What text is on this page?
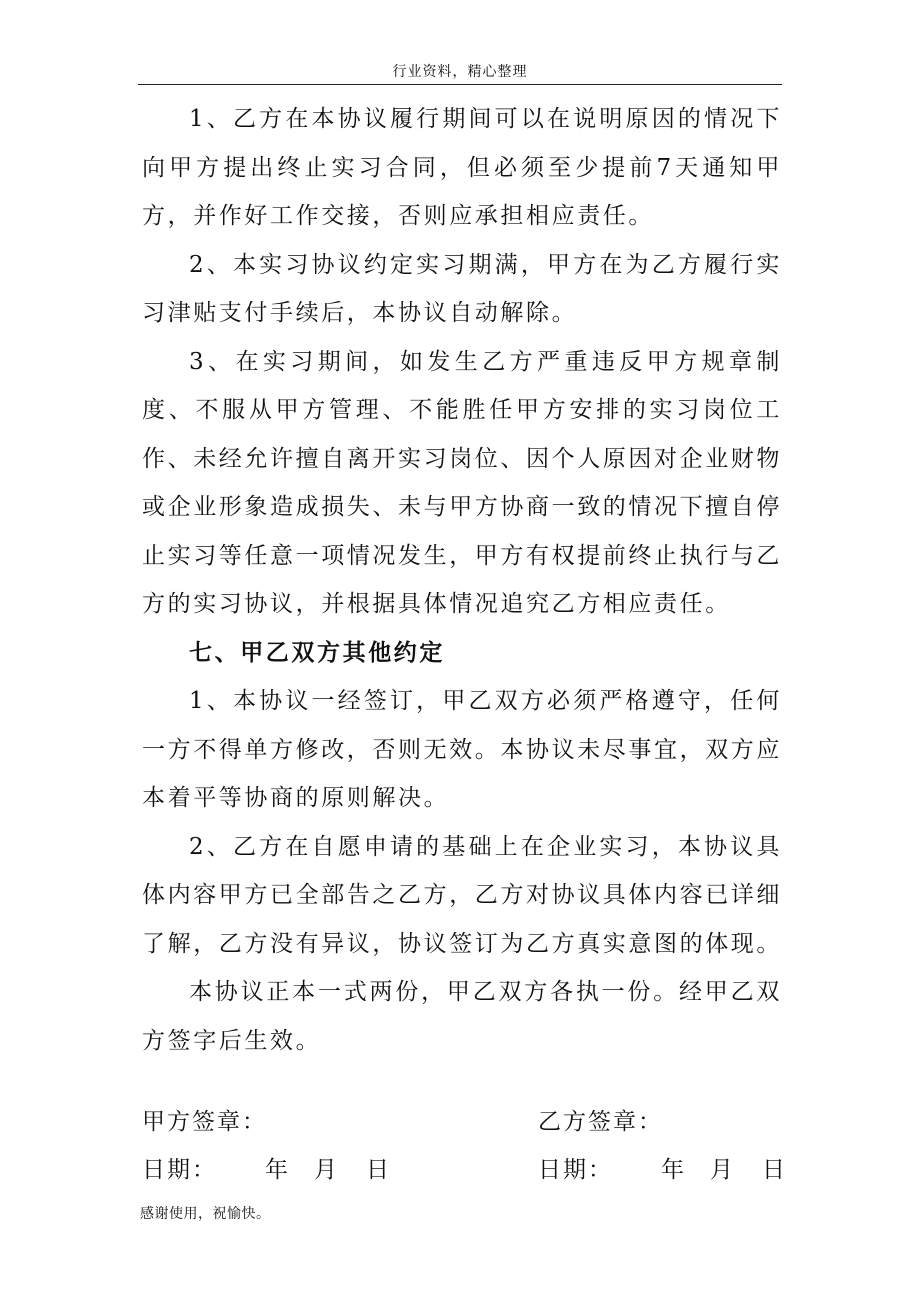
行业资料，精心整理

1、乙方在本协议履行期间可以在说明原因的情况下向甲方提出终止实习合同，但必须至少提前7天通知甲方，并作好工作交接，否则应承担相应责任。

2、本实习协议约定实习期满，甲方在为乙方履行实习津贴支付手续后，本协议自动解除。

3、在实习期间，如发生乙方严重违反甲方规章制度、不服从甲方管理、不能胜任甲方安排的实习岗位工作、未经允许擅自离开实习岗位、因个人原因对企业财物或企业形象造成损失、未与甲方协商一致的情况下擅自停止实习等任意一项情况发生，甲方有权提前终止执行与乙方的实习协议，并根据具体情况追究乙方相应责任。

七、甲乙双方其他约定

1、本协议一经签订，甲乙双方必须严格遵守，任何一方不得单方修改，否则无效。本协议未尽事宜，双方应本着平等协商的原则解决。

2、乙方在自愿申请的基础上在企业实习，本协议具体内容甲方已全部告之乙方，乙方对协议具体内容已详细了解，乙方没有异议，协议签订为乙方真实意图的体现。

本协议正本一式两份，甲乙双方各执一份。经甲乙双方签字后生效。

甲方签章：	乙方签章：
日期： 年 月 日	日期： 年 月 日
感谢使用，祝愉快。
